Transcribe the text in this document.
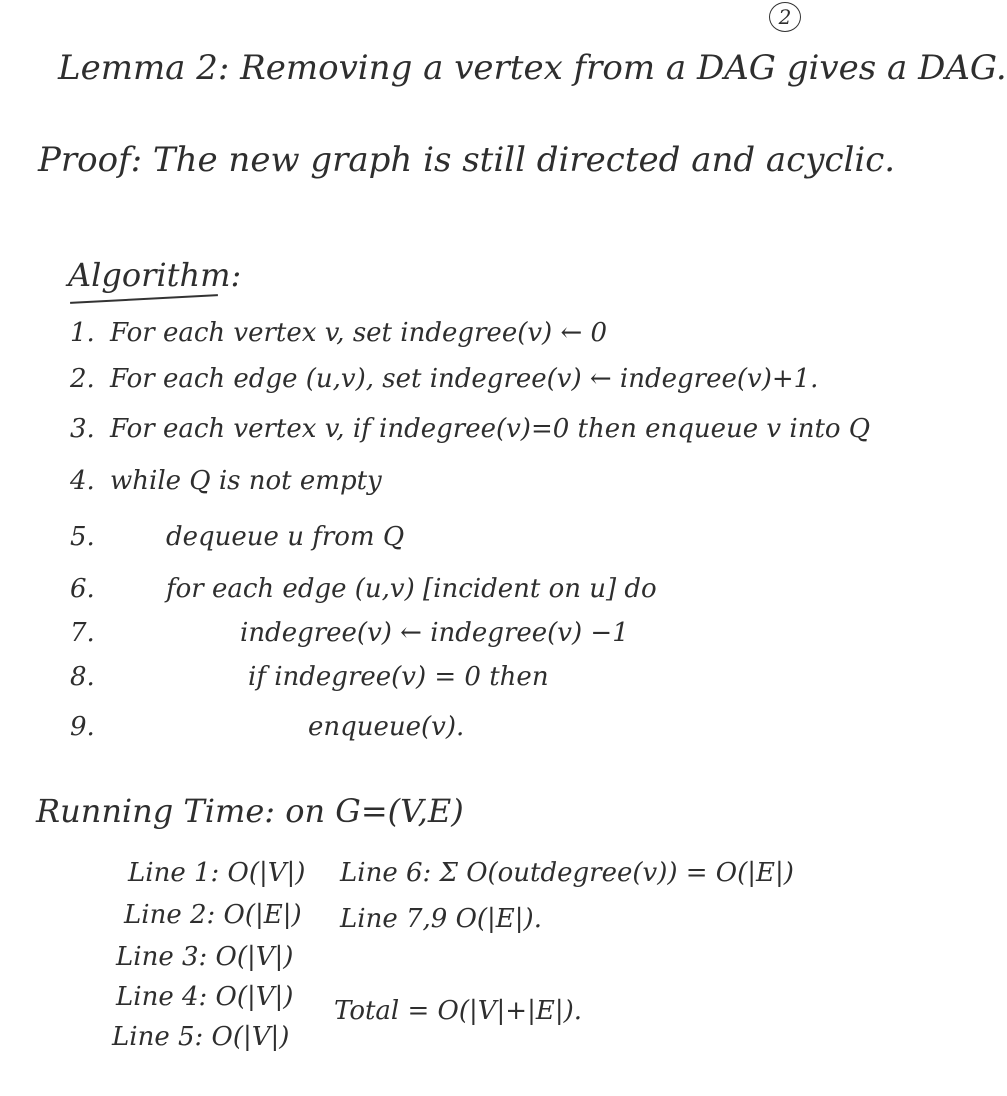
2
Lemma 2: Removing a vertex from a DAG gives a DAG.
Proof: The new graph is still directed and acyclic.
Algorithm:
1. For each vertex v, set indegree(v) ← 0
2. For each edge (u,v), set indegree(v) ← indegree(v)+1.
3. For each vertex v, if indegree(v)=0 then enqueue v into Q
4. while Q is not empty
5.	dequeue u from Q
6.	for each edge (u,v) [incident on u] do
7.	indegree(v) ← indegree(v) −1
8.	if indegree(v) = 0 then
9.	enqueue(v).
Running Time: on G=(V,E)
Line 1: O(|V|)
Line 2: O(|E|)
Line 3: O(|V|)
Line 4: O(|V|)
Line 5: O(|V|)
Line 6: Σ O(outdegree(v)) = O(|E|)
Line 7,9 O(|E|).
Total = O(|V|+|E|).
